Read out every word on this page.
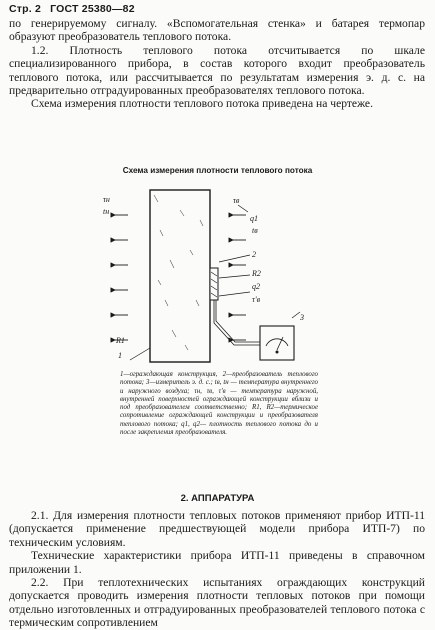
Стр. 2 ГОСТ 25380—82

по генерируемому сигналу. «Вспомогательная стенка» и батарея термопар образуют преобразователь теплового потока.

1.2. Плотность теплового потока отсчитывается по шкале специализированного прибора, в состав которого входит преобразователь теплового потока, или рассчитывается по результатам измерения э. д. с. на предварительно отградуированных преобразователях теплового потока.

Схема измерения плотности теплового потока приведена на чертеже.

Схема измерения плотности теплового потока
τн
tн
τв
q1
tв
2
R2
q2
τ'в
3
R1
1

1—ограждающая конструкция, 2—преобразователь теплового потока; 3—измеритель э. д. с.; tв, tн — температура внутреннего и наружного воздуха; τн, τв, τ'в — температура наружной, внутренней поверхностей ограждающей конструкции вблизи и под преобразователем соответственно; R1, R2—термическое сопротивление ограждающей конструкции и преобразователя теплового потока; q1, q2— плотность теплового потока до и после закрепления преобразователя.

2. АППАРАТУРА

2.1. Для измерения плотности тепловых потоков применяют прибор ИТП-11 (допускается применение предшествующей модели прибора ИТП-7) по техническим условиям.

Технические характеристики прибора ИТП-11 приведены в справочном приложении 1.

2.2. При теплотехнических испытаниях ограждающих конструкций допускается проводить измерения плотности тепловых потоков при помощи отдельно изготовленных и отградуированных преобразователей теплового потока с термическим сопротивлением
